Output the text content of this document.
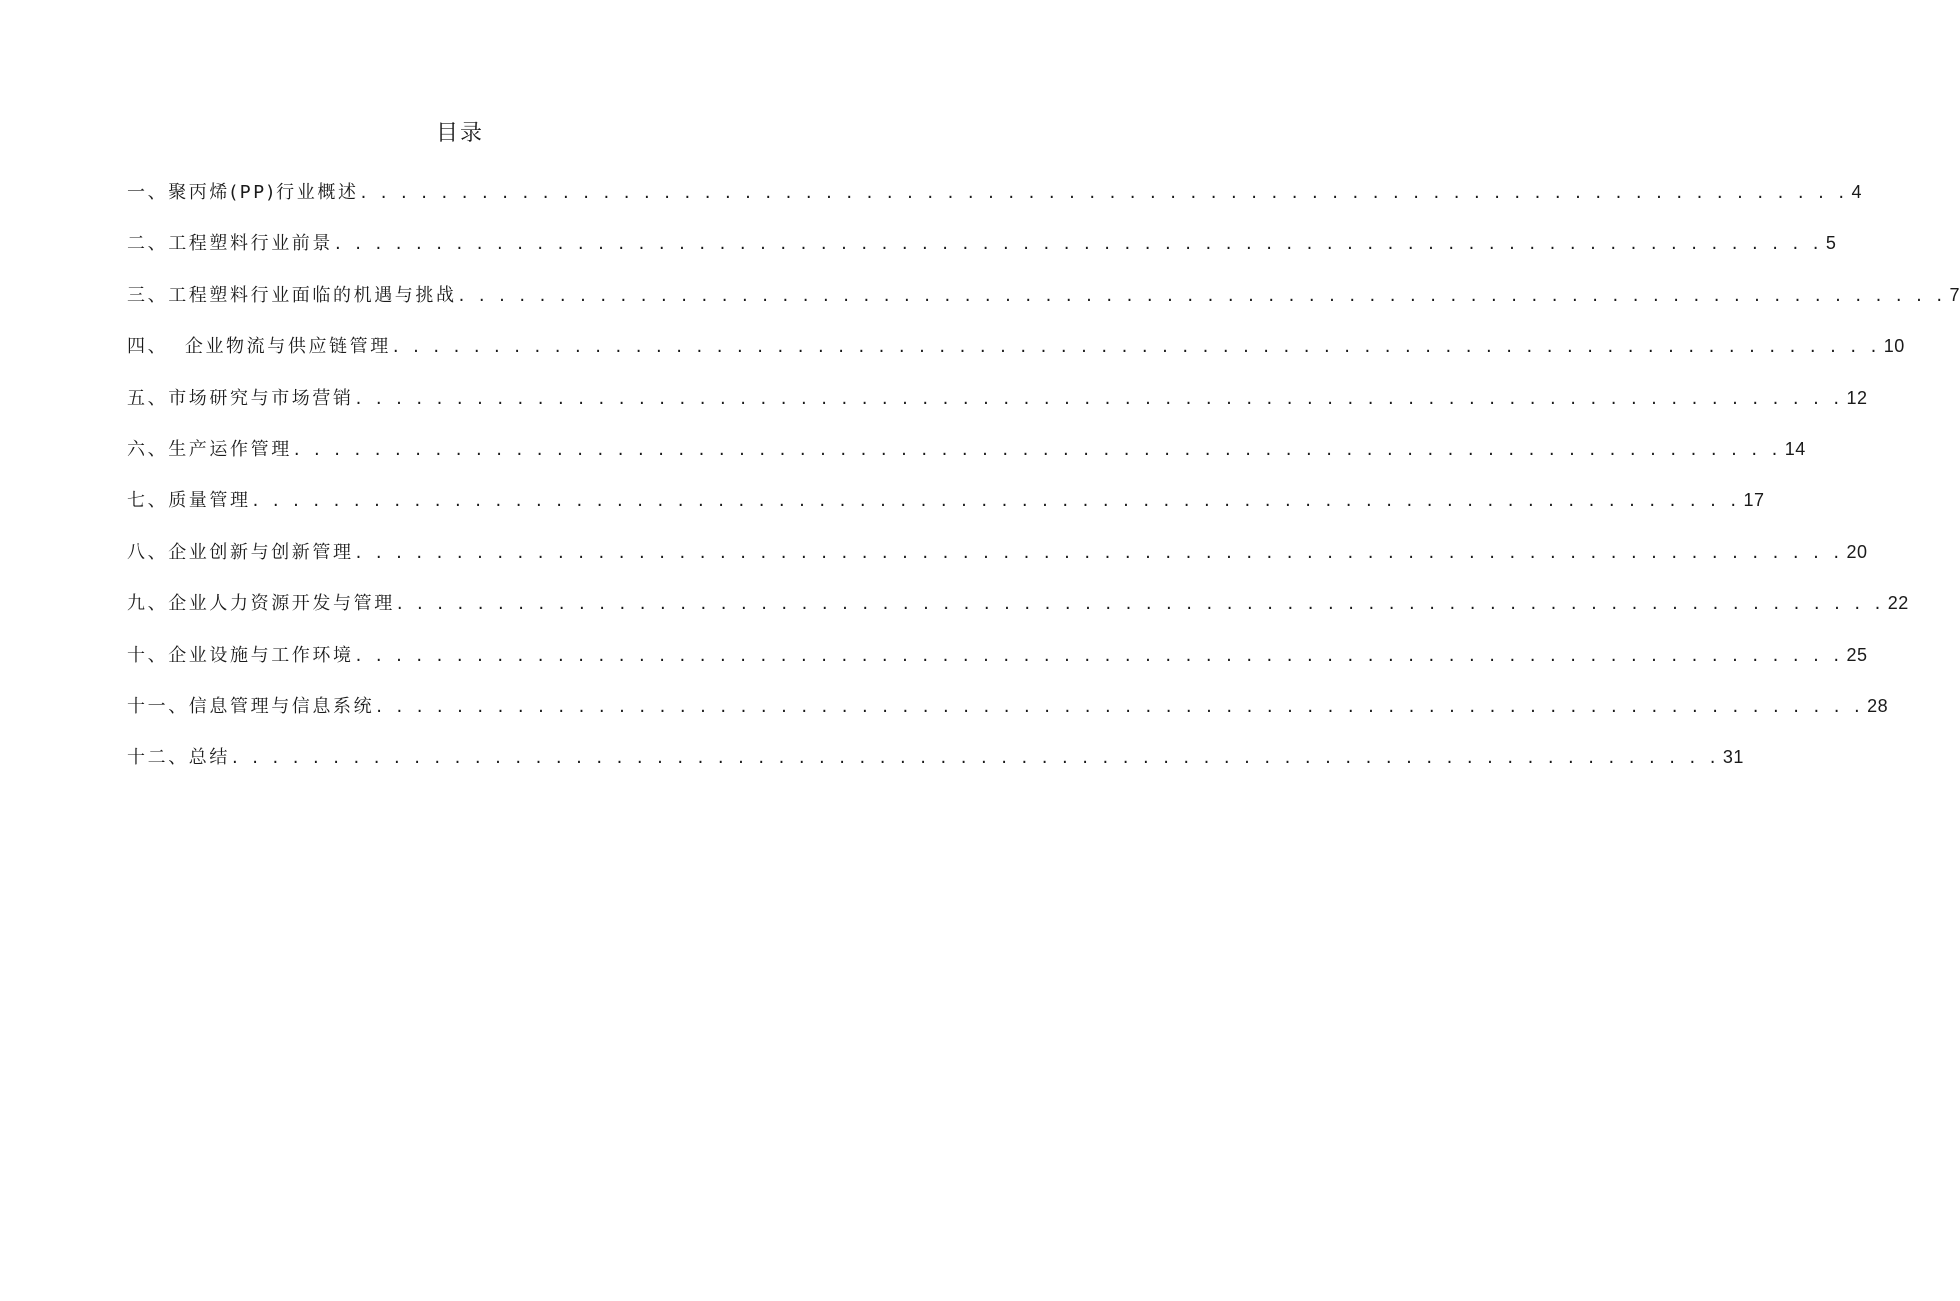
目录
一、聚丙烯(PP)行业概述 . . . . . . . . . . . . . . . . . . . . . . . . . . . . . . . . . . . . . . . . . . . . . . . . . . . . . . . . . . . . . . . . . . . . . . . . . . 4
二、工程塑料行业前景 . . . . . . . . . . . . . . . . . . . . . . . . . . . . . . . . . . . . . . . . . . . . . . . . . . . . . . . . . . . . . . . . . . . . . . . . . . 5
三、工程塑料行业面临的机遇与挑战 . . . . . . . . . . . . . . . . . . . . . . . . . . . . . . . . . . . . . . . . . . . . . . . . . . . . . . . . . . . . . . . . . . . . . . . . . . 7
四、  企业物流与供应链管理 . . . . . . . . . . . . . . . . . . . . . . . . . . . . . . . . . . . . . . . . . . . . . . . . . . . . . . . . . . . . . . . . . . . . . . . . . . 10
五、市场研究与市场营销 . . . . . . . . . . . . . . . . . . . . . . . . . . . . . . . . . . . . . . . . . . . . . . . . . . . . . . . . . . . . . . . . . . . . . . . . . . 12
六、生产运作管理 . . . . . . . . . . . . . . . . . . . . . . . . . . . . . . . . . . . . . . . . . . . . . . . . . . . . . . . . . . . . . . . . . . . . . . . . . . 14
七、质量管理 . . . . . . . . . . . . . . . . . . . . . . . . . . . . . . . . . . . . . . . . . . . . . . . . . . . . . . . . . . . . . . . . . . . . . . . . . . 17
八、企业创新与创新管理 . . . . . . . . . . . . . . . . . . . . . . . . . . . . . . . . . . . . . . . . . . . . . . . . . . . . . . . . . . . . . . . . . . . . . . . . . . 20
九、企业人力资源开发与管理 . . . . . . . . . . . . . . . . . . . . . . . . . . . . . . . . . . . . . . . . . . . . . . . . . . . . . . . . . . . . . . . . . . . . . . . . . . 22
十、企业设施与工作环境 . . . . . . . . . . . . . . . . . . . . . . . . . . . . . . . . . . . . . . . . . . . . . . . . . . . . . . . . . . . . . . . . . . . . . . . . . . 25
十一、信息管理与信息系统 . . . . . . . . . . . . . . . . . . . . . . . . . . . . . . . . . . . . . . . . . . . . . . . . . . . . . . . . . . . . . . . . . . . . . . . . . . 28
十二、总结 . . . . . . . . . . . . . . . . . . . . . . . . . . . . . . . . . . . . . . . . . . . . . . . . . . . . . . . . . . . . . . . . . . . . . . . . . . 31
